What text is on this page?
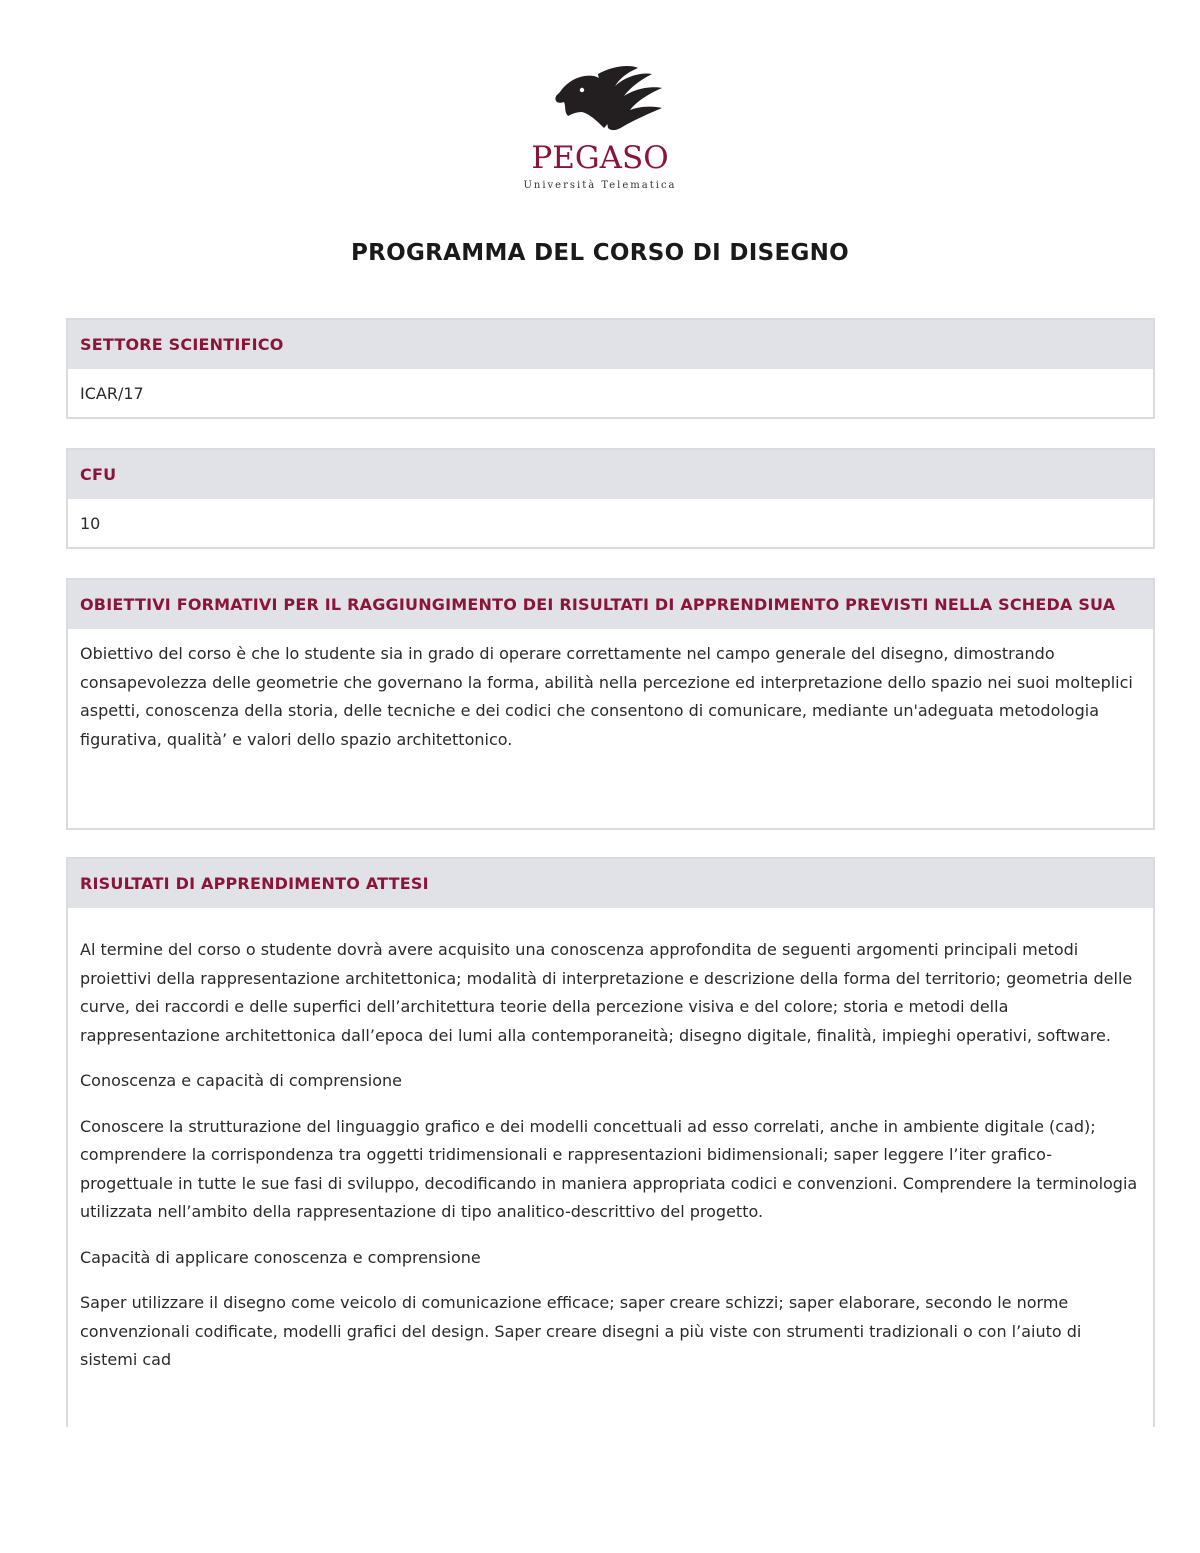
PEGASO
Università Telematica
PROGRAMMA DEL CORSO DI DISEGNO
SETTORE SCIENTIFICO
ICAR/17
CFU
10
OBIETTIVI FORMATIVI PER IL RAGGIUNGIMENTO DEI RISULTATI DI APPRENDIMENTO PREVISTI NELLA SCHEDA SUA
Obiettivo del corso è che lo studente sia in grado di operare correttamente nel campo generale del disegno, dimostrando consapevolezza delle geometrie che governano la forma, abilità nella percezione ed interpretazione dello spazio nei suoi molteplici aspetti, conoscenza della storia, delle tecniche e dei codici che consentono di comunicare, mediante un'adeguata metodologia figurativa, qualità’ e valori dello spazio architettonico.
RISULTATI DI APPRENDIMENTO ATTESI

Al termine del corso o studente dovrà avere acquisito una conoscenza approfondita de seguenti argomenti principali metodi proiettivi della rappresentazione architettonica; modalità di interpretazione e descrizione della forma del territorio; geometria delle curve, dei raccordi e delle superfici dell’architettura teorie della percezione visiva e del colore; storia e metodi della rappresentazione architettonica dall’epoca dei lumi alla contemporaneità; disegno digitale, finalità, impieghi operativi, software.

Conoscenza e capacità di comprensione

Conoscere la strutturazione del linguaggio grafico e dei modelli concettuali ad esso correlati, anche in ambiente digitale (cad); comprendere la corrispondenza tra oggetti tridimensionali e rappresentazioni bidimensionali; saper leggere l’iter grafico-progettuale in tutte le sue fasi di sviluppo, decodificando in maniera appropriata codici e convenzioni. Comprendere la terminologia utilizzata nell’ambito della rappresentazione di tipo analitico-descrittivo del progetto.

Capacità di applicare conoscenza e comprensione

Saper utilizzare il disegno come veicolo di comunicazione efficace; saper creare schizzi; saper elaborare, secondo le norme convenzionali codificate, modelli grafici del design. Saper creare disegni a più viste con strumenti tradizionali o con l’aiuto di sistemi cad
